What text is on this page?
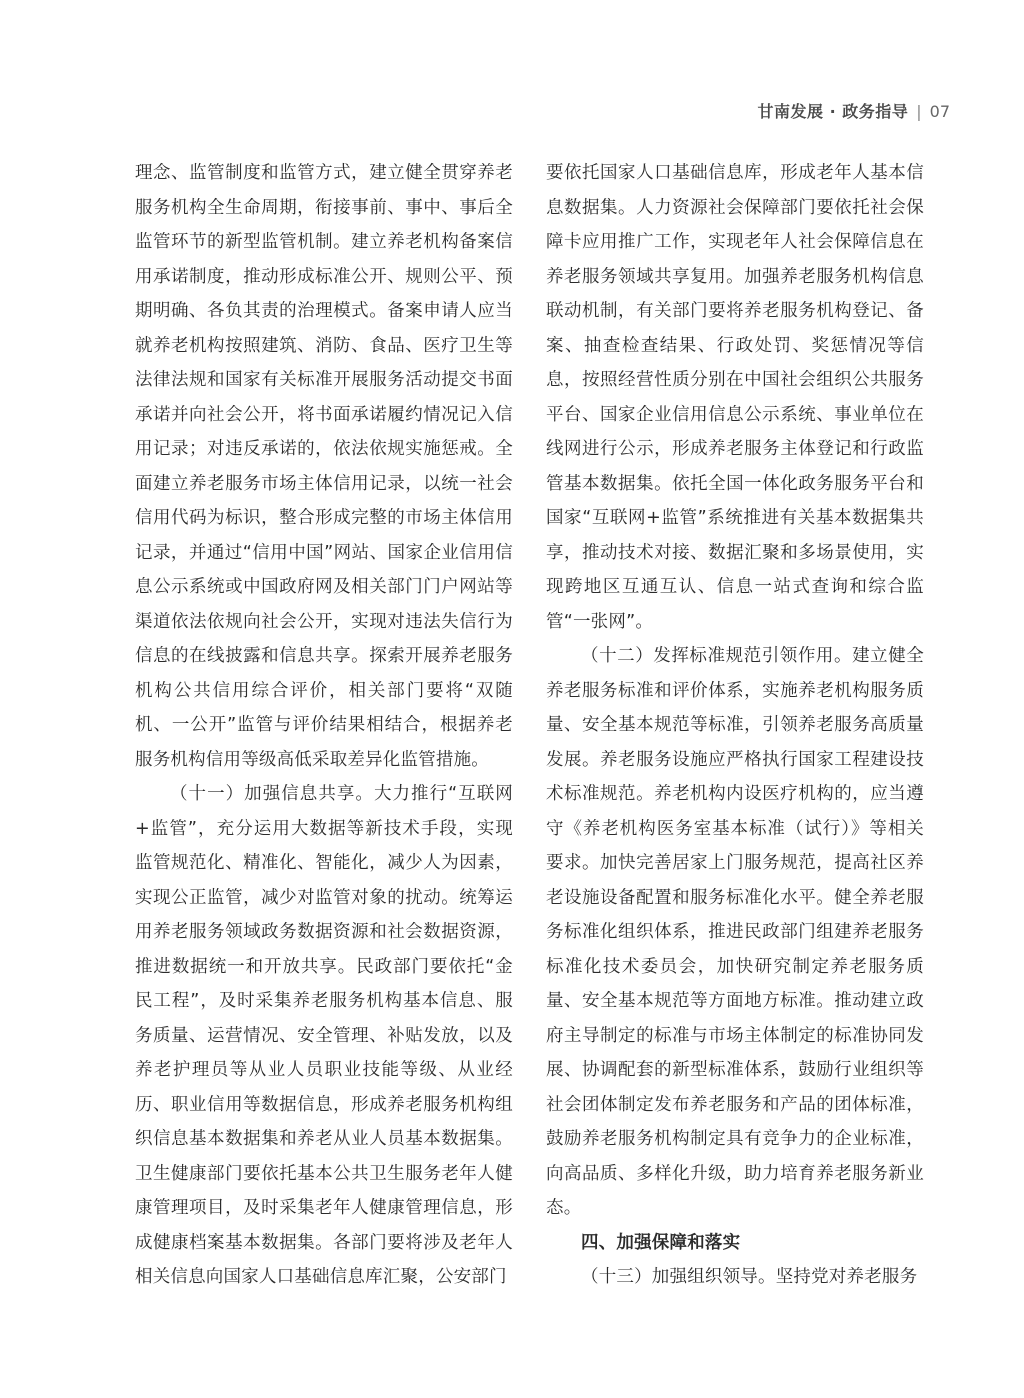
甘南发展 · 政务指导 | 07

理念、监管制度和监管方式，建立健全贯穿养老服务机构全生命周期，衔接事前、事中、事后全监管环节的新型监管机制。建立养老机构备案信用承诺制度，推动形成标准公开、规则公平、预期明确、各负其责的治理模式。备案申请人应当就养老机构按照建筑、消防、食品、医疗卫生等法律法规和国家有关标准开展服务活动提交书面承诺并向社会公开，将书面承诺履约情况记入信用记录；对违反承诺的，依法依规实施惩戒。全面建立养老服务市场主体信用记录，以统一社会信用代码为标识，整合形成完整的市场主体信用记录，并通过“信用中国”网站、国家企业信用信息公示系统或中国政府网及相关部门门户网站等渠道依法依规向社会公开，实现对违法失信行为信息的在线披露和信息共享。探索开展养老服务机构公共信用综合评价，相关部门要将“双随机、一公开”监管与评价结果相结合，根据养老服务机构信用等级高低采取差异化监管措施。

（十一）加强信息共享。大力推行“互联网+监管”，充分运用大数据等新技术手段，实现监管规范化、精准化、智能化，减少人为因素，实现公正监管，减少对监管对象的扰动。统筹运用养老服务领域政务数据资源和社会数据资源，推进数据统一和开放共享。民政部门要依托“金民工程”，及时采集养老服务机构基本信息、服务质量、运营情况、安全管理、补贴发放，以及养老护理员等从业人员职业技能等级、从业经历、职业信用等数据信息，形成养老服务机构组织信息基本数据集和养老从业人员基本数据集。卫生健康部门要依托基本公共卫生服务老年人健康管理项目，及时采集老年人健康管理信息，形成健康档案基本数据集。各部门要将涉及老年人相关信息向国家人口基础信息库汇聚，公安部门

要依托国家人口基础信息库，形成老年人基本信息数据集。人力资源社会保障部门要依托社会保障卡应用推广工作，实现老年人社会保障信息在养老服务领域共享复用。加强养老服务机构信息联动机制，有关部门要将养老服务机构登记、备案、抽查检查结果、行政处罚、奖惩情况等信息，按照经营性质分别在中国社会组织公共服务平台、国家企业信用信息公示系统、事业单位在线网进行公示，形成养老服务主体登记和行政监管基本数据集。依托全国一体化政务服务平台和国家“互联网+监管”系统推进有关基本数据集共享，推动技术对接、数据汇聚和多场景使用，实现跨地区互通互认、信息一站式查询和综合监管“一张网”。

（十二）发挥标准规范引领作用。建立健全养老服务标准和评价体系，实施养老机构服务质量、安全基本规范等标准，引领养老服务高质量发展。养老服务设施应严格执行国家工程建设技术标准规范。养老机构内设医疗机构的，应当遵守《养老机构医务室基本标准（试行）》等相关要求。加快完善居家上门服务规范，提高社区养老设施设备配置和服务标准化水平。健全养老服务标准化组织体系，推进民政部门组建养老服务标准化技术委员会，加快研究制定养老服务质量、安全基本规范等方面地方标准。推动建立政府主导制定的标准与市场主体制定的标准协同发展、协调配套的新型标准体系，鼓励行业组织等社会团体制定发布养老服务和产品的团体标准，鼓励养老服务机构制定具有竞争力的企业标准，向高品质、多样化升级，助力培育养老服务新业态。

四、加强保障和落实

（十三）加强组织领导。坚持党对养老服务
